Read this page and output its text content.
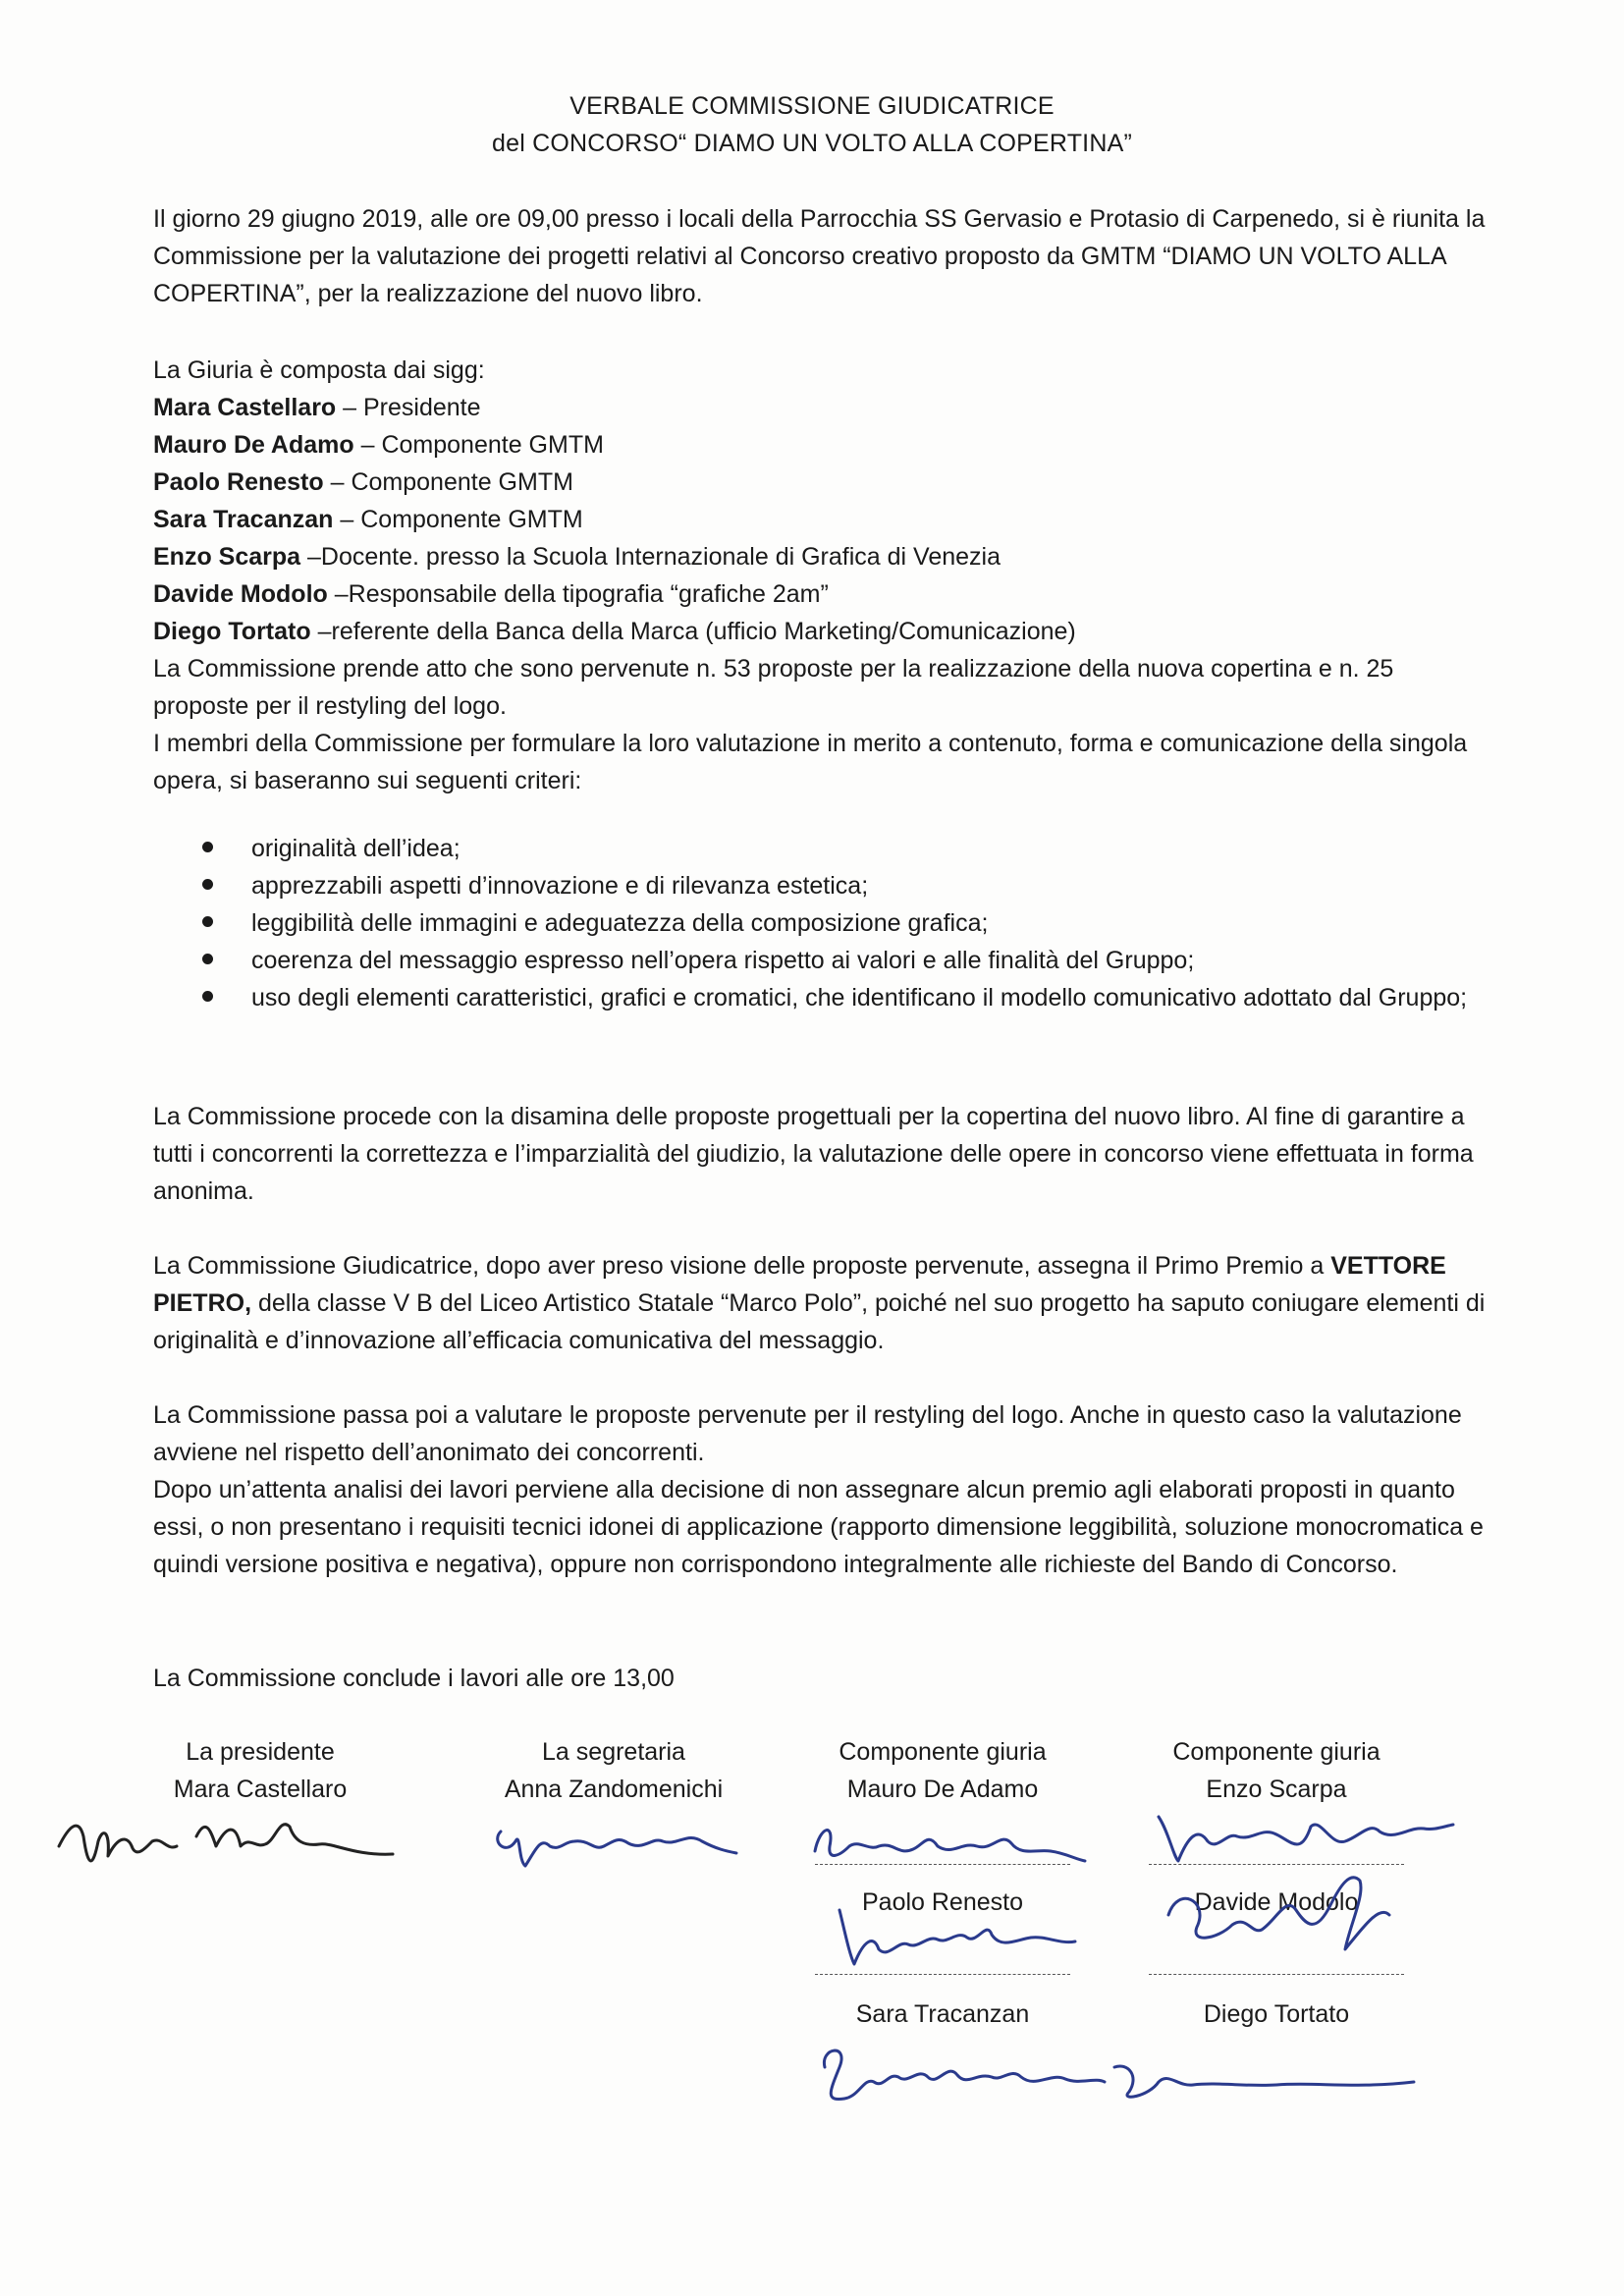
VERBALE COMMISSIONE GIUDICATRICE
del CONCORSO“ DIAMO UN VOLTO ALLA COPERTINA”

Il giorno 29 giugno 2019, alle ore 09,00 presso i locali della Parrocchia SS Gervasio e Protasio di Carpenedo, si è riunita la Commissione per la valutazione dei progetti relativi al Concorso creativo proposto da GMTM “DIAMO UN VOLTO ALLA COPERTINA”, per la realizzazione del nuovo libro.

La Giuria è composta dai sigg:

Mara Castellaro – Presidente

Mauro De Adamo – Componente GMTM

Paolo Renesto – Componente GMTM

Sara Tracanzan – Componente GMTM

Enzo Scarpa –Docente. presso la Scuola Internazionale di Grafica di Venezia

Davide Modolo –Responsabile della tipografia “grafiche 2am”

Diego Tortato –referente della Banca della Marca (ufficio Marketing/Comunicazione)

La Commissione prende atto che sono pervenute n. 53 proposte per la realizzazione della nuova copertina e n. 25 proposte per il restyling del logo.

I membri della Commissione per formulare la loro valutazione in merito a contenuto, forma e comunicazione della singola opera, si baseranno sui seguenti criteri:

originalità dell’idea;
apprezzabili aspetti d’innovazione e di rilevanza estetica;
leggibilità delle immagini e adeguatezza della composizione grafica;
coerenza del messaggio espresso nell’opera rispetto ai valori e alle finalità del Gruppo;
uso degli elementi caratteristici, grafici e cromatici, che identificano il modello comunicativo adottato dal Gruppo;

La Commissione procede con la disamina delle proposte progettuali per la copertina del nuovo libro. Al fine di garantire a tutti i concorrenti la correttezza e l’imparzialità del giudizio, la valutazione delle opere in concorso viene effettuata in forma anonima.

La Commissione Giudicatrice, dopo aver preso visione delle proposte pervenute, assegna il Primo Premio a VETTORE PIETRO, della classe V B del Liceo Artistico Statale “Marco Polo”, poiché nel suo progetto ha saputo coniugare elementi di originalità e d’innovazione all’efficacia comunicativa del messaggio.

La Commissione passa poi a valutare le proposte pervenute per il restyling del logo. Anche in questo caso la valutazione avviene nel rispetto dell’anonimato dei concorrenti.

Dopo un’attenta analisi dei lavori perviene alla decisione di non assegnare alcun premio agli elaborati proposti in quanto essi, o non presentano i requisiti tecnici idonei di applicazione (rapporto dimensione leggibilità, soluzione monocromatica e quindi versione positiva e negativa), oppure non corrispondono integralmente alle richieste del Bando di Concorso.

La Commissione conclude i lavori alle ore 13,00

La presidente
Mara Castellaro
La segretaria
Anna Zandomenichi
Componente giuria
Mauro De Adamo
Componente giuria
Enzo Scarpa
Paolo Renesto	Davide Modolo
Sara Tracanzan	Diego Tortato
